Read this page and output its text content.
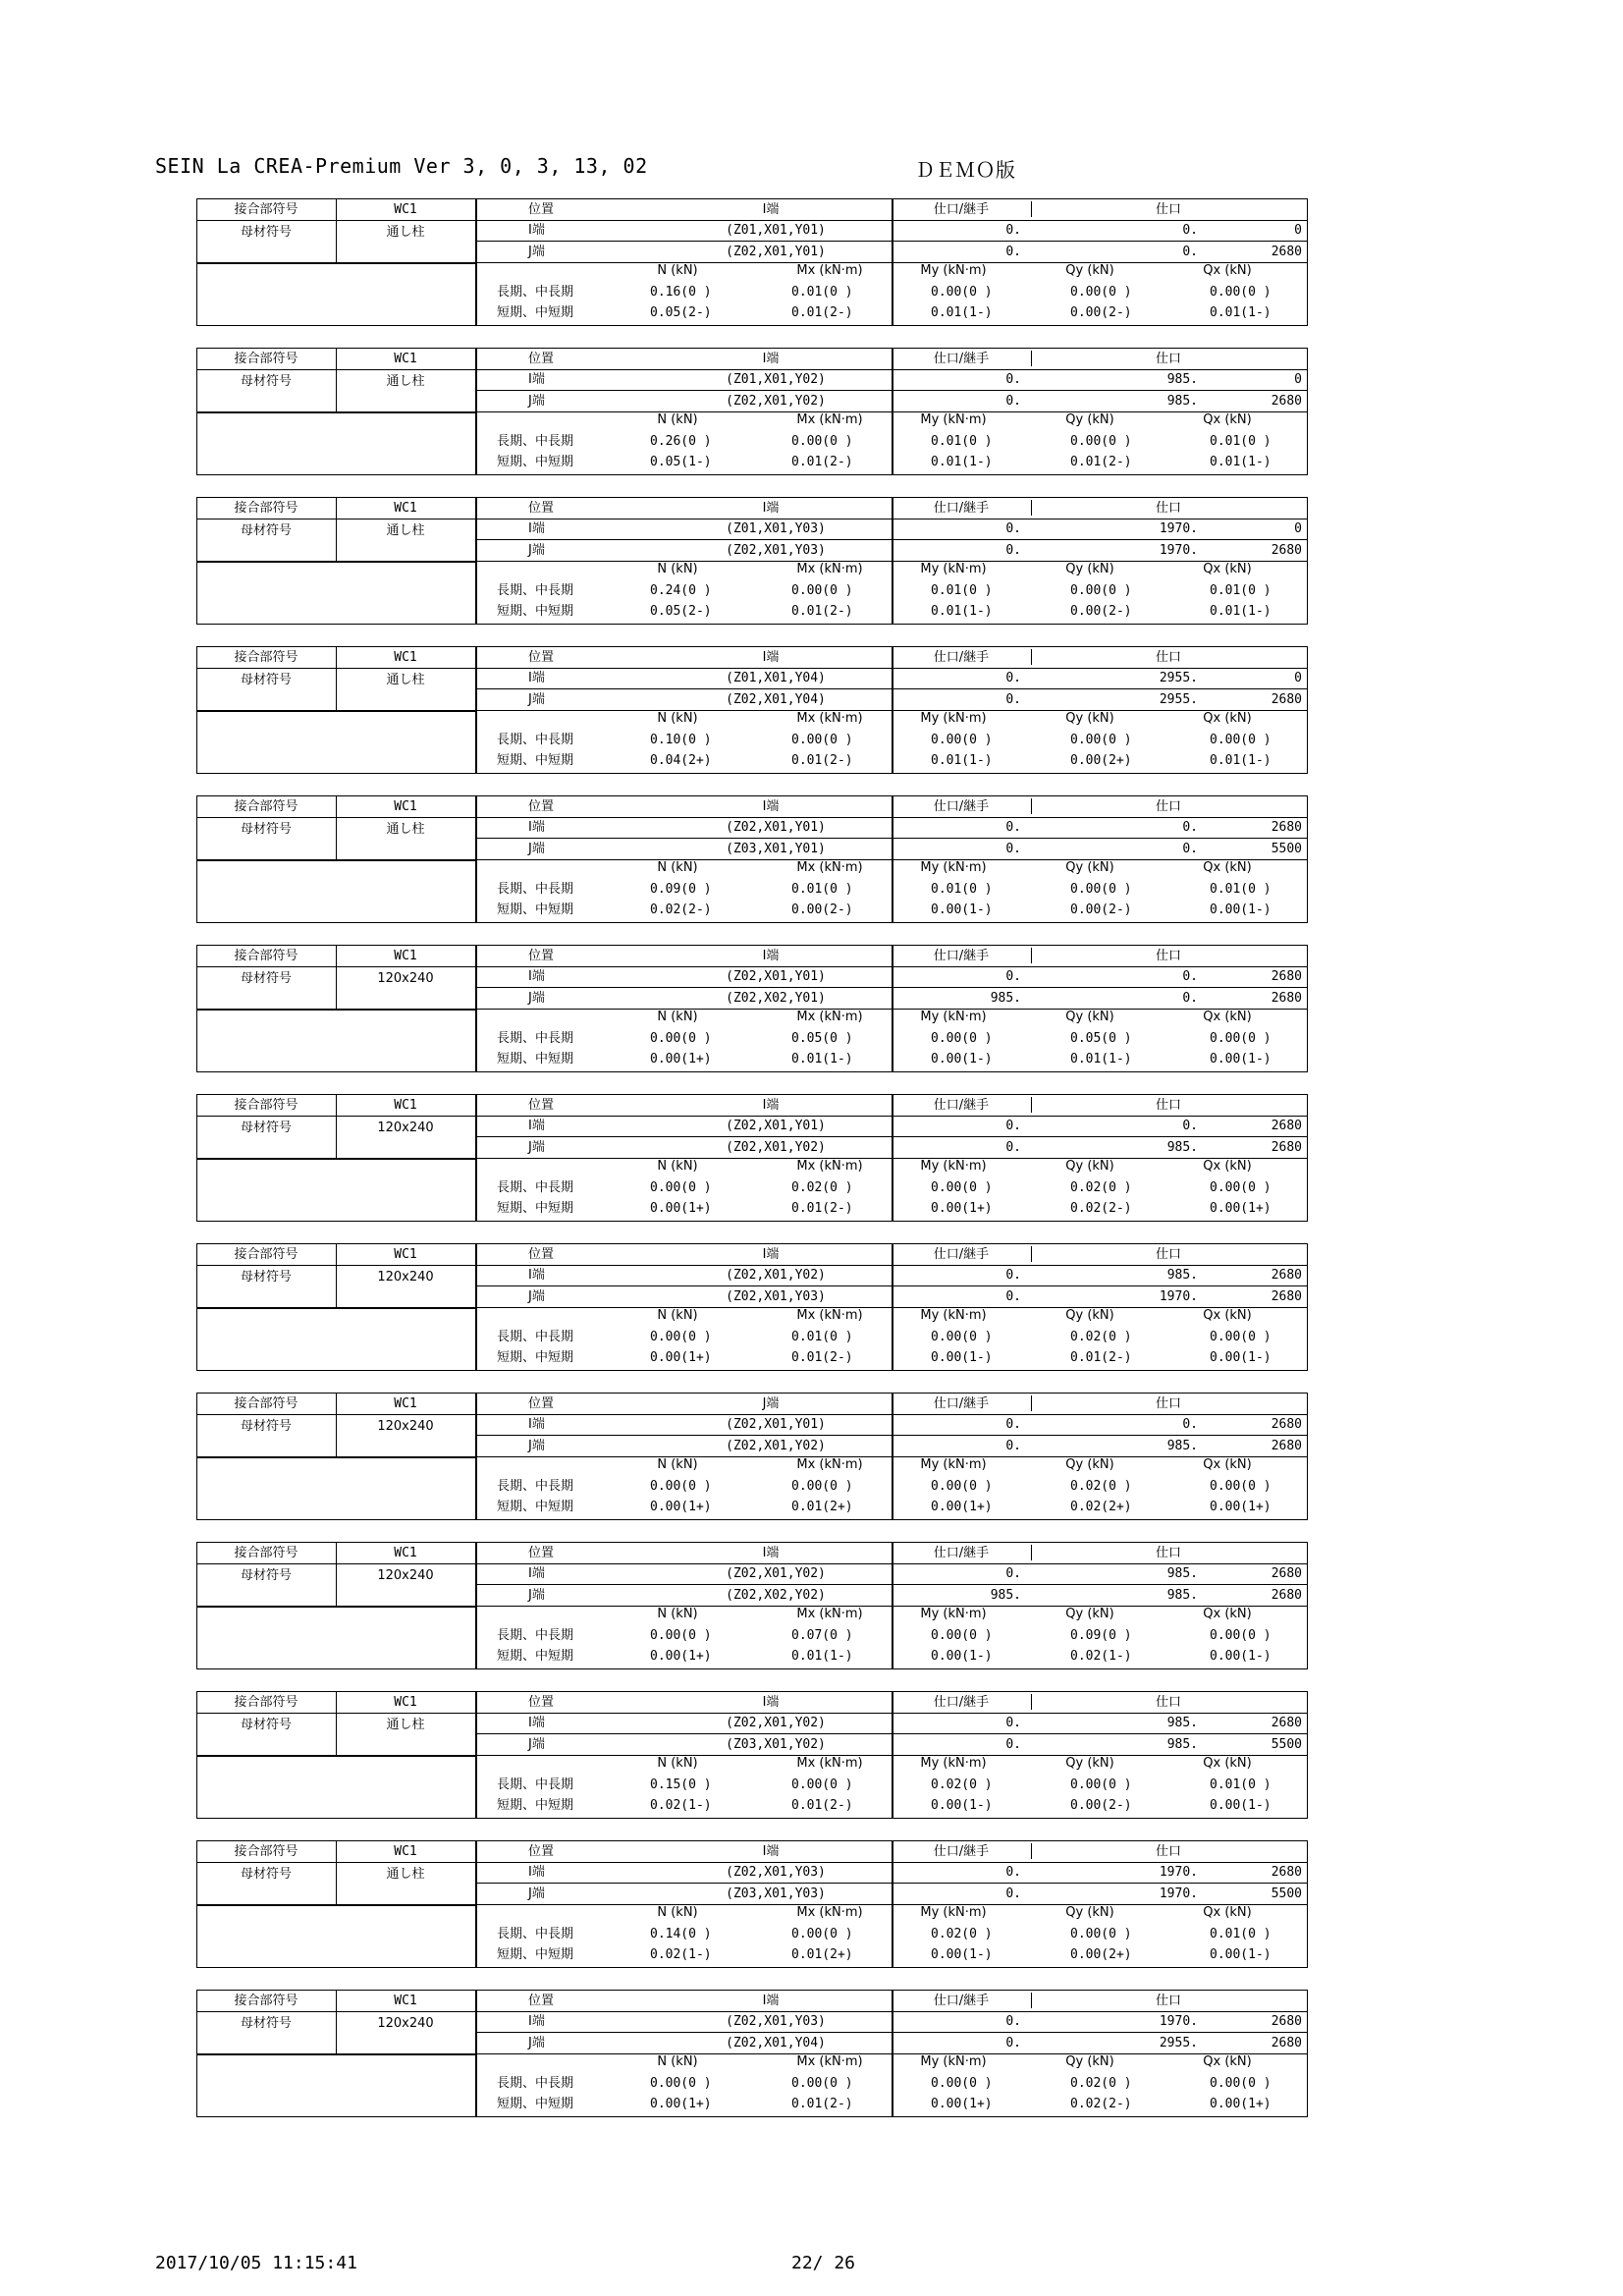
SEIN La CREA-Premium Ver 3, 0, 3, 13, 02	ＤＥＭＯ版
接合部符号	WC1	位置	I端	仕口/継手	仕口
母材符号	通し柱	I端	(Z01,X01,Y01)	0.	0.	0
J端	(Z02,X01,Y01)	0.	0.	2680
N (kN)	Mx (kN·m)	My (kN·m)	Qy (kN)	Qx (kN)
長期、中長期	0.16(0 )	0.01(0 )	0.00(0 )	0.00(0 )	0.00(0 )
短期、中短期	0.05(2-)	0.01(2-)	0.01(1-)	0.00(2-)	0.01(1-)
接合部符号	WC1	位置	I端	仕口/継手	仕口
母材符号	通し柱	I端	(Z01,X01,Y02)	0.	985.	0
J端	(Z02,X01,Y02)	0.	985.	2680
N (kN)	Mx (kN·m)	My (kN·m)	Qy (kN)	Qx (kN)
長期、中長期	0.26(0 )	0.00(0 )	0.01(0 )	0.00(0 )	0.01(0 )
短期、中短期	0.05(1-)	0.01(2-)	0.01(1-)	0.01(2-)	0.01(1-)
接合部符号	WC1	位置	I端	仕口/継手	仕口
母材符号	通し柱	I端	(Z01,X01,Y03)	0.	1970.	0
J端	(Z02,X01,Y03)	0.	1970.	2680
N (kN)	Mx (kN·m)	My (kN·m)	Qy (kN)	Qx (kN)
長期、中長期	0.24(0 )	0.00(0 )	0.01(0 )	0.00(0 )	0.01(0 )
短期、中短期	0.05(2-)	0.01(2-)	0.01(1-)	0.00(2-)	0.01(1-)
接合部符号	WC1	位置	I端	仕口/継手	仕口
母材符号	通し柱	I端	(Z01,X01,Y04)	0.	2955.	0
J端	(Z02,X01,Y04)	0.	2955.	2680
N (kN)	Mx (kN·m)	My (kN·m)	Qy (kN)	Qx (kN)
長期、中長期	0.10(0 )	0.00(0 )	0.00(0 )	0.00(0 )	0.00(0 )
短期、中短期	0.04(2+)	0.01(2-)	0.01(1-)	0.00(2+)	0.01(1-)
接合部符号	WC1	位置	I端	仕口/継手	仕口
母材符号	通し柱	I端	(Z02,X01,Y01)	0.	0.	2680
J端	(Z03,X01,Y01)	0.	0.	5500
N (kN)	Mx (kN·m)	My (kN·m)	Qy (kN)	Qx (kN)
長期、中長期	0.09(0 )	0.01(0 )	0.01(0 )	0.00(0 )	0.01(0 )
短期、中短期	0.02(2-)	0.00(2-)	0.00(1-)	0.00(2-)	0.00(1-)
接合部符号	WC1	位置	I端	仕口/継手	仕口
母材符号	120x240	I端	(Z02,X01,Y01)	0.	0.	2680
J端	(Z02,X02,Y01)	985.	0.	2680
N (kN)	Mx (kN·m)	My (kN·m)	Qy (kN)	Qx (kN)
長期、中長期	0.00(0 )	0.05(0 )	0.00(0 )	0.05(0 )	0.00(0 )
短期、中短期	0.00(1+)	0.01(1-)	0.00(1-)	0.01(1-)	0.00(1-)
接合部符号	WC1	位置	I端	仕口/継手	仕口
母材符号	120x240	I端	(Z02,X01,Y01)	0.	0.	2680
J端	(Z02,X01,Y02)	0.	985.	2680
N (kN)	Mx (kN·m)	My (kN·m)	Qy (kN)	Qx (kN)
長期、中長期	0.00(0 )	0.02(0 )	0.00(0 )	0.02(0 )	0.00(0 )
短期、中短期	0.00(1+)	0.01(2-)	0.00(1+)	0.02(2-)	0.00(1+)
接合部符号	WC1	位置	I端	仕口/継手	仕口
母材符号	120x240	I端	(Z02,X01,Y02)	0.	985.	2680
J端	(Z02,X01,Y03)	0.	1970.	2680
N (kN)	Mx (kN·m)	My (kN·m)	Qy (kN)	Qx (kN)
長期、中長期	0.00(0 )	0.01(0 )	0.00(0 )	0.02(0 )	0.00(0 )
短期、中短期	0.00(1+)	0.01(2-)	0.00(1-)	0.01(2-)	0.00(1-)
接合部符号	WC1	位置	J端	仕口/継手	仕口
母材符号	120x240	I端	(Z02,X01,Y01)	0.	0.	2680
J端	(Z02,X01,Y02)	0.	985.	2680
N (kN)	Mx (kN·m)	My (kN·m)	Qy (kN)	Qx (kN)
長期、中長期	0.00(0 )	0.00(0 )	0.00(0 )	0.02(0 )	0.00(0 )
短期、中短期	0.00(1+)	0.01(2+)	0.00(1+)	0.02(2+)	0.00(1+)
接合部符号	WC1	位置	I端	仕口/継手	仕口
母材符号	120x240	I端	(Z02,X01,Y02)	0.	985.	2680
J端	(Z02,X02,Y02)	985.	985.	2680
N (kN)	Mx (kN·m)	My (kN·m)	Qy (kN)	Qx (kN)
長期、中長期	0.00(0 )	0.07(0 )	0.00(0 )	0.09(0 )	0.00(0 )
短期、中短期	0.00(1+)	0.01(1-)	0.00(1-)	0.02(1-)	0.00(1-)
接合部符号	WC1	位置	I端	仕口/継手	仕口
母材符号	通し柱	I端	(Z02,X01,Y02)	0.	985.	2680
J端	(Z03,X01,Y02)	0.	985.	5500
N (kN)	Mx (kN·m)	My (kN·m)	Qy (kN)	Qx (kN)
長期、中長期	0.15(0 )	0.00(0 )	0.02(0 )	0.00(0 )	0.01(0 )
短期、中短期	0.02(1-)	0.01(2-)	0.00(1-)	0.00(2-)	0.00(1-)
接合部符号	WC1	位置	I端	仕口/継手	仕口
母材符号	通し柱	I端	(Z02,X01,Y03)	0.	1970.	2680
J端	(Z03,X01,Y03)	0.	1970.	5500
N (kN)	Mx (kN·m)	My (kN·m)	Qy (kN)	Qx (kN)
長期、中長期	0.14(0 )	0.00(0 )	0.02(0 )	0.00(0 )	0.01(0 )
短期、中短期	0.02(1-)	0.01(2+)	0.00(1-)	0.00(2+)	0.00(1-)
接合部符号	WC1	位置	I端	仕口/継手	仕口
母材符号	120x240	I端	(Z02,X01,Y03)	0.	1970.	2680
J端	(Z02,X01,Y04)	0.	2955.	2680
N (kN)	Mx (kN·m)	My (kN·m)	Qy (kN)	Qx (kN)
長期、中長期	0.00(0 )	0.00(0 )	0.00(0 )	0.02(0 )	0.00(0 )
短期、中短期	0.00(1+)	0.01(2-)	0.00(1+)	0.02(2-)	0.00(1+)
2017/10/05 11:15:41	22/ 26
